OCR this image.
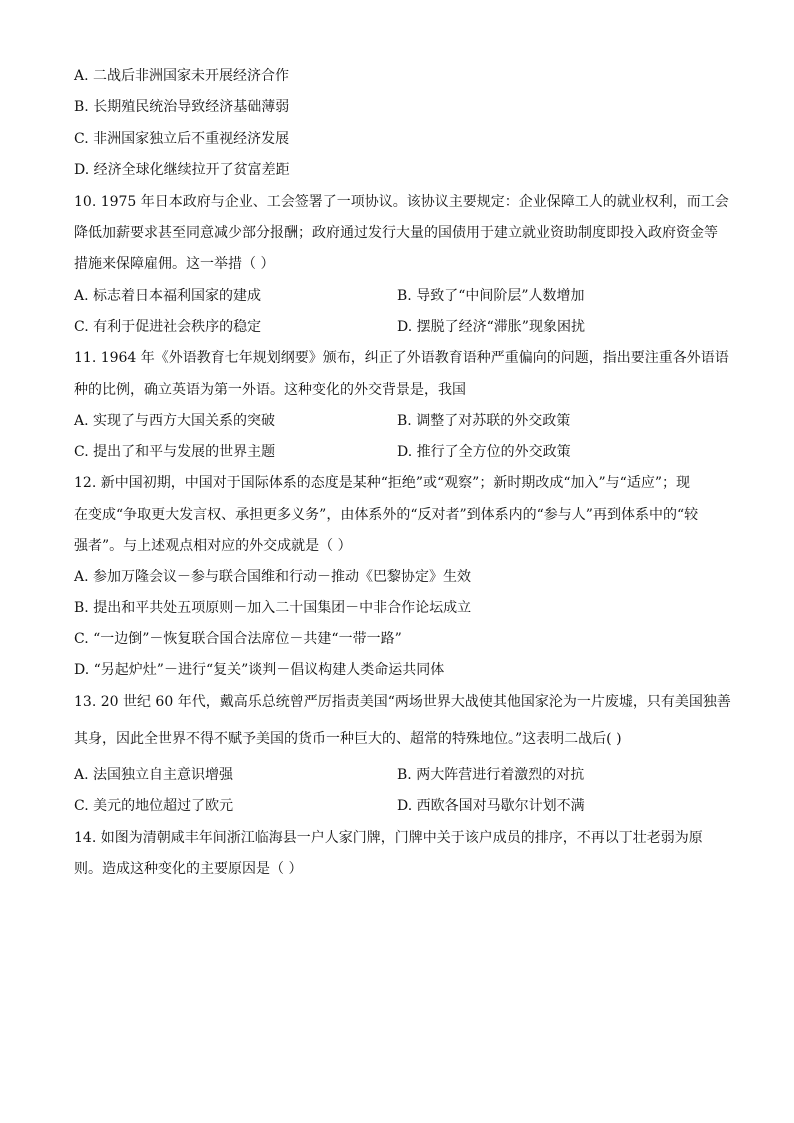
A. 二战后非洲国家未开展经济合作
B. 长期殖民统治导致经济基础薄弱
C. 非洲国家独立后不重视经济发展
D. 经济全球化继续拉开了贫富差距
10. 1975 年日本政府与企业、工会签署了一项协议。该协议主要规定：企业保障工人的就业权利，而工会
降低加薪要求甚至同意减少部分报酬；政府通过发行大量的国债用于建立就业资助制度即投入政府资金等
措施来保障雇佣。这一举措（ ）
A. 标志着日本福利国家的建成	B. 导致了“中间阶层”人数增加
C. 有利于促进社会秩序的稳定	D. 摆脱了经济“滞胀”现象困扰
11. 1964 年《外语教育七年规划纲要》颁布，纠正了外语教育语种严重偏向的问题，指出要注重各外语语
种的比例，确立英语为第一外语。这种变化的外交背景是，我国
A. 实现了与西方大国关系的突破	B. 调整了对苏联的外交政策
C. 提出了和平与发展的世界主题	D. 推行了全方位的外交政策
12. 新中国初期，中国对于国际体系的态度是某种“拒绝”或“观察”；新时期改成“加入”与“适应”；现
在变成“争取更大发言权、承担更多义务”，由体系外的“反对者”到体系内的“参与人”再到体系中的“较
强者”。与上述观点相对应的外交成就是（ ）
A. 参加万隆会议－参与联合国维和行动－推动《巴黎协定》生效
B. 提出和平共处五项原则－加入二十国集团－中非合作论坛成立
C. “一边倒”－恢复联合国合法席位－共建“一带一路”
D. “另起炉灶”－进行“复关”谈判－倡议构建人类命运共同体
13. 20 世纪 60 年代，戴高乐总统曾严厉指责美国“两场世界大战使其他国家沦为一片废墟，只有美国独善
其身，因此全世界不得不赋予美国的货币一种巨大的、超常的特殊地位。”这表明二战后( )
A. 法国独立自主意识增强	B. 两大阵营进行着激烈的对抗
C. 美元的地位超过了欧元	D. 西欧各国对马歇尔计划不满
14. 如图为清朝咸丰年间浙江临海县一户人家门牌，门牌中关于该户成员的排序，不再以丁壮老弱为原
则。造成这种变化的主要原因是（ ）
